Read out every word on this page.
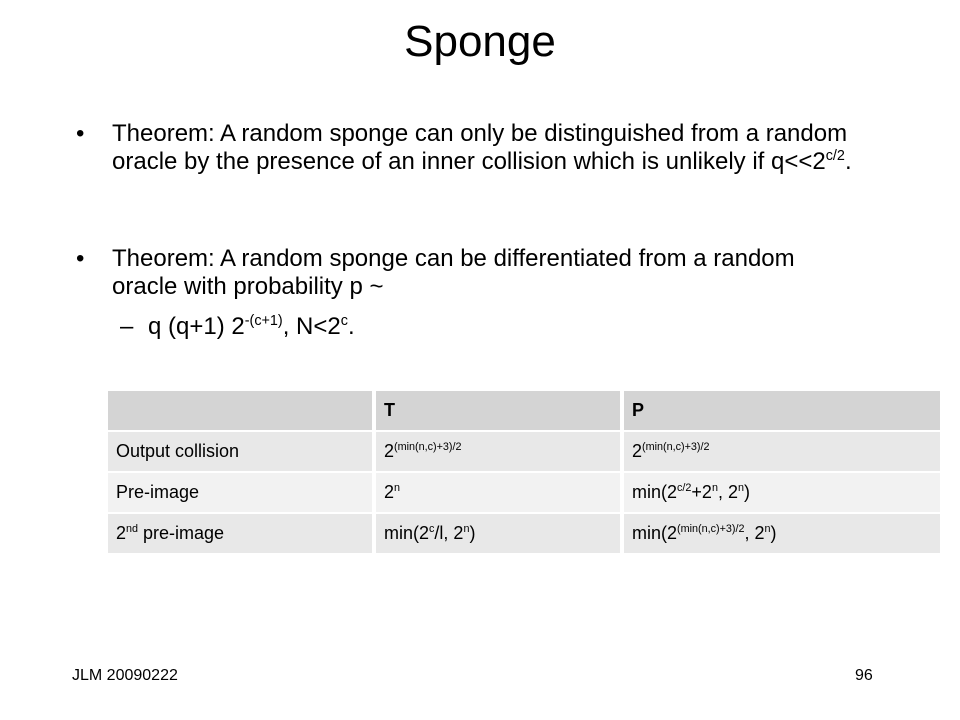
Sponge
• Theorem: A random sponge can only be distinguished from a random oracle by the presence of an inner collision which is unlikely if $q<<2^{c/2}$.
• Theorem: A random sponge can be differentiated from a random oracle with probability p ~
– q (q+1) $2^{-(c+1)}$, $N<2^c$.
	T	P
Output collision	$2^{(min(n,c)+3)/2}$	$2^{(min(n,c)+3)/2}$
Pre-image	2$^n$	$\min(2^{c/2}+2^n$, 2$^n$)
2nd pre-image	min(2$^c$/l, 2$^n$)	$\min(2^{(min(n,c)+3)/2}$, 2$^n$)
JLM 20090222	96
